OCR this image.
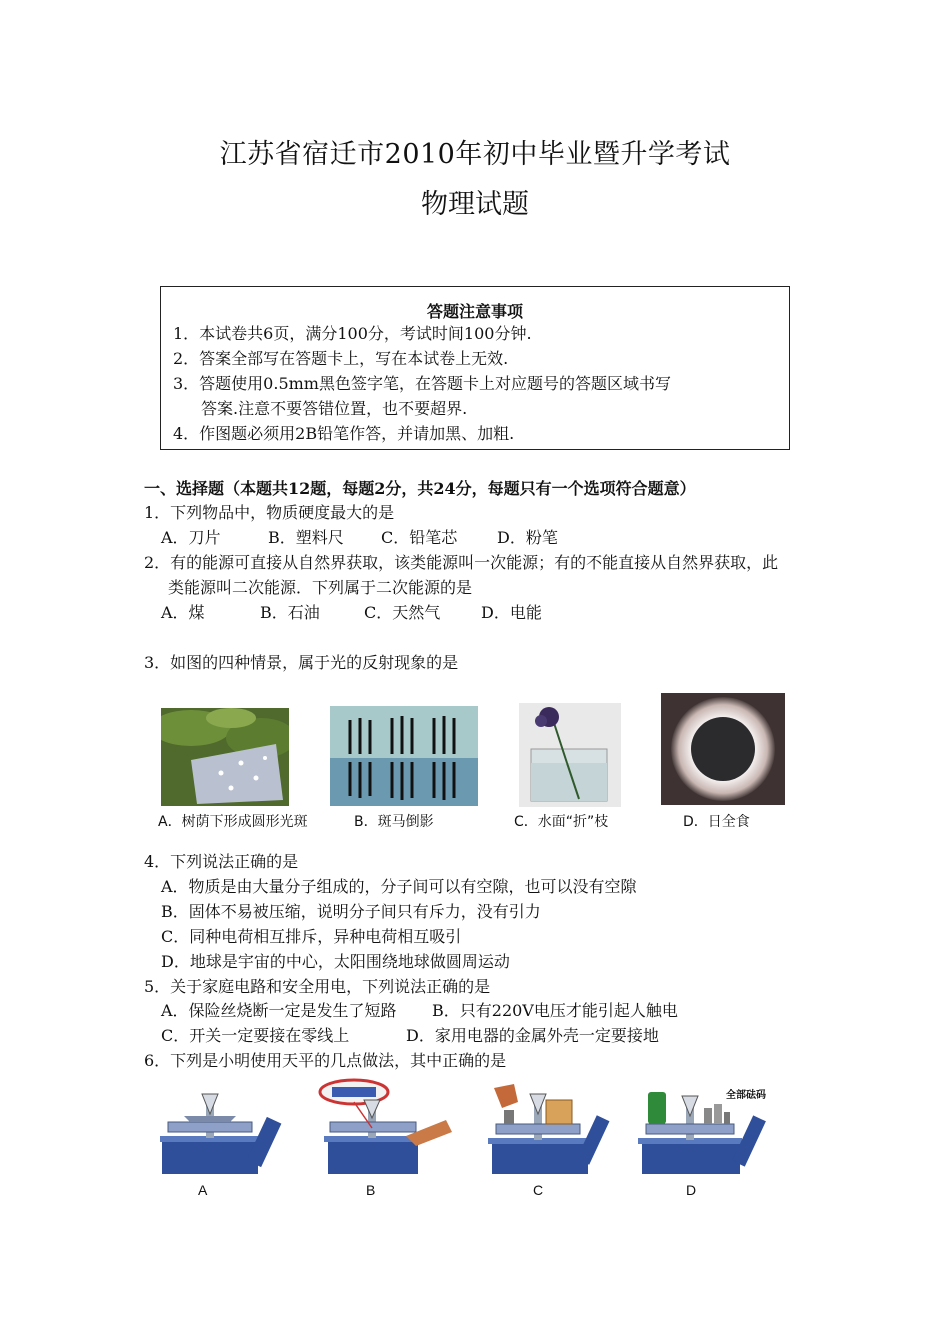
江苏省宿迁市2010年初中毕业暨升学考试
物理试题
答题注意事项
1．本试卷共6页，满分100分，考试时间100分钟.
2．答案全部写在答题卡上，写在本试卷上无效.
3．答题使用0.5mm黑色签字笔，在答题卡上对应题号的答题区域书写
答案.注意不要答错位置，也不要超界.
4．作图题必须用2B铅笔作答，并请加黑、加粗.
一、选择题（本题共12题，每题2分，共24分，每题只有一个选项符合题意）
1．下列物品中，物质硬度最大的是
A．刀片	B．塑料尺 C．铅笔芯 D．粉笔
2．有的能源可直接从自然界获取，该类能源叫一次能源；有的不能直接从自然界获取，此
类能源叫二次能源．下列属于二次能源的是
A．煤	B．石油	C．天然气	D．电能
3．如图的四种情景，属于光的反射现象的是
A．树荫下形成圆形光斑	B．斑马倒影	C．水面“折”枝	D．日全食
4．下列说法正确的是
A．物质是由大量分子组成的，分子间可以有空隙，也可以没有空隙
B．固体不易被压缩，说明分子间只有斥力，没有引力
C．同种电荷相互排斥，异种电荷相互吸引
D．地球是宇宙的中心，太阳围绕地球做圆周运动
5．关于家庭电路和安全用电，下列说法正确的是
A．保险丝烧断一定是发生了短路 B．只有220V电压才能引起人触电
C．开关一定要接在零线上	D．家用电器的金属外壳一定要接地
6．下列是小明使用天平的几点做法，其中正确的是
全部砝码
A	B	C	D
